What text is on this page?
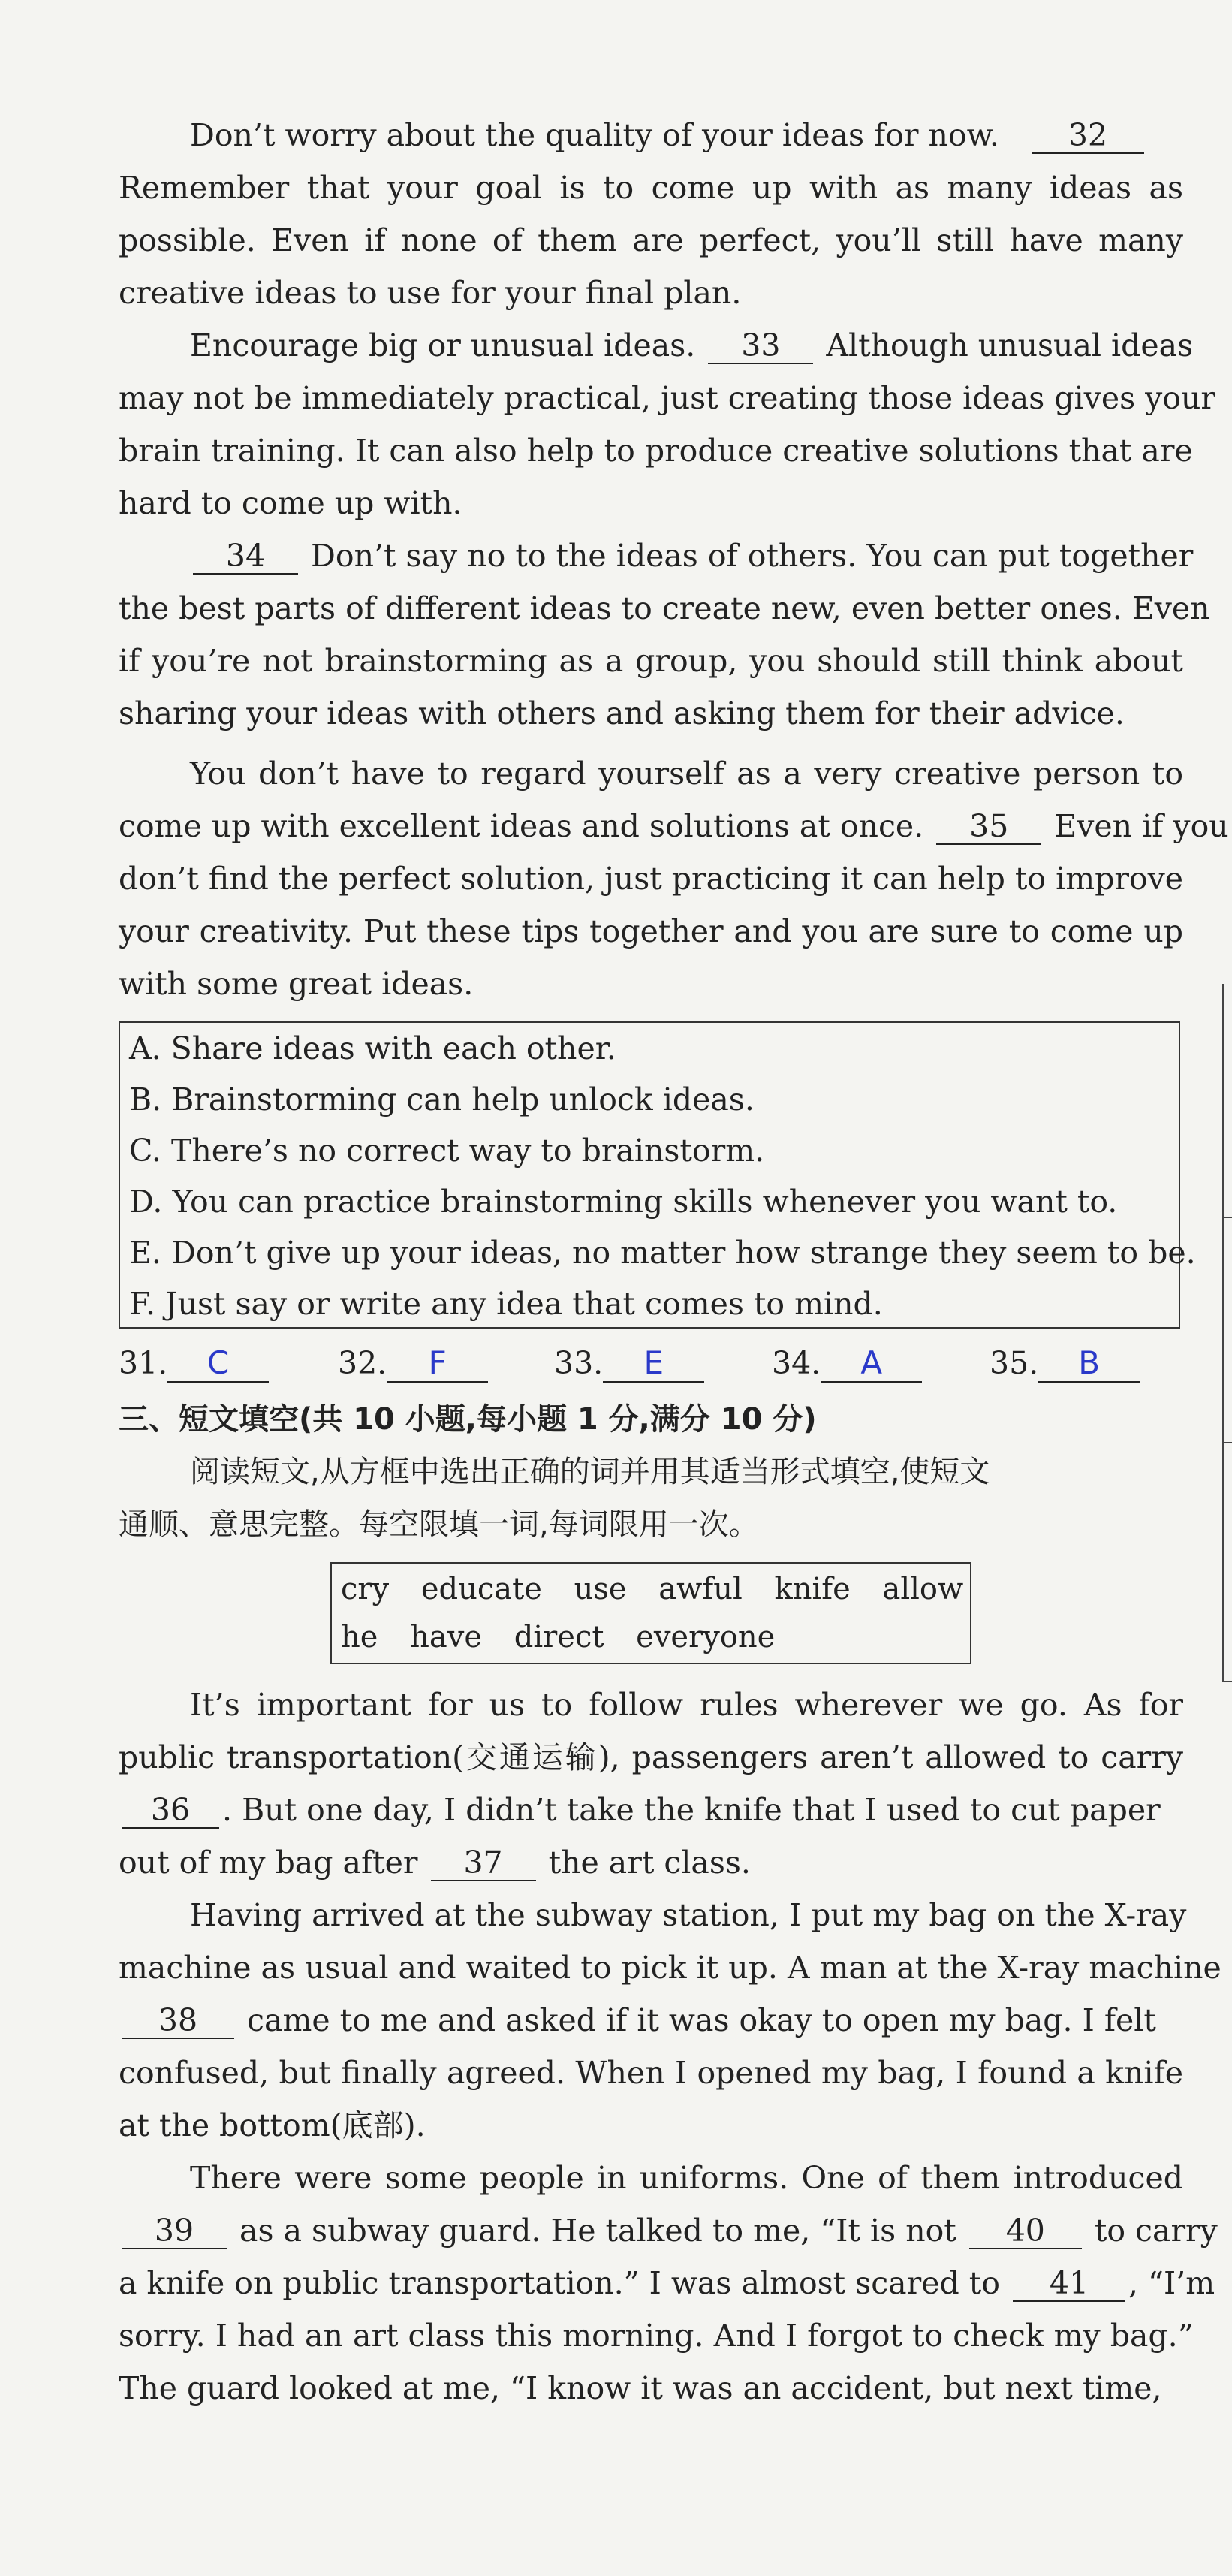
Don’t worry about the quality of your ideas for now. 32
Remember that your goal is to come up with as many ideas as
possible. Even if none of them are perfect, you’ll still have many
creative ideas to use for your final plan.
Encourage big or unusual ideas. 33 Although unusual ideas
may not be immediately practical, just creating those ideas gives your
brain training. It can also help to produce creative solutions that are
hard to come up with.
34 Don’t say no to the ideas of others. You can put together
the best parts of different ideas to create new, even better ones. Even
if you’re not brainstorming as a group, you should still think about
sharing your ideas with others and asking them for their advice.
You don’t have to regard yourself as a very creative person to
come up with excellent ideas and solutions at once. 35 Even if you
don’t find the perfect solution, just practicing it can help to improve
your creativity. Put these tips together and you are sure to come up
with some great ideas.
A. Share ideas with each other.
B. Brainstorming can help unlock ideas.
C. There’s no correct way to brainstorm.
D. You can practice brainstorming skills whenever you want to.
E. Don’t give up your ideas, no matter how strange they seem to be.
F. Just say or write any idea that comes to mind.
31. C	32. F	33. E	34. A	35. B
三、短文填空(共 10 小题,每小题 1 分,满分 10 分)
阅读短文,从方框中选出正确的词并用其适当形式填空,使短文
通顺、意思完整。每空限填一词,每词限用一次。
cry educate use awful knife allow
he have direct everyone
It’s important for us to follow rules wherever we go. As for
public transportation(交通运输), passengers aren’t allowed to carry
36 . But one day, I didn’t take the knife that I used to cut paper
out of my bag after 37 the art class.
Having arrived at the subway station, I put my bag on the X-ray
machine as usual and waited to pick it up. A man at the X-ray machine
38 came to me and asked if it was okay to open my bag. I felt
confused, but finally agreed. When I opened my bag, I found a knife
at the bottom(底部).
There were some people in uniforms. One of them introduced
39 as a subway guard. He talked to me, “It is not 40 to carry
a knife on public transportation.” I was almost scared to 41 , “I’m
sorry. I had an art class this morning. And I forgot to check my bag.”
The guard looked at me, “I know it was an accident, but next time,
